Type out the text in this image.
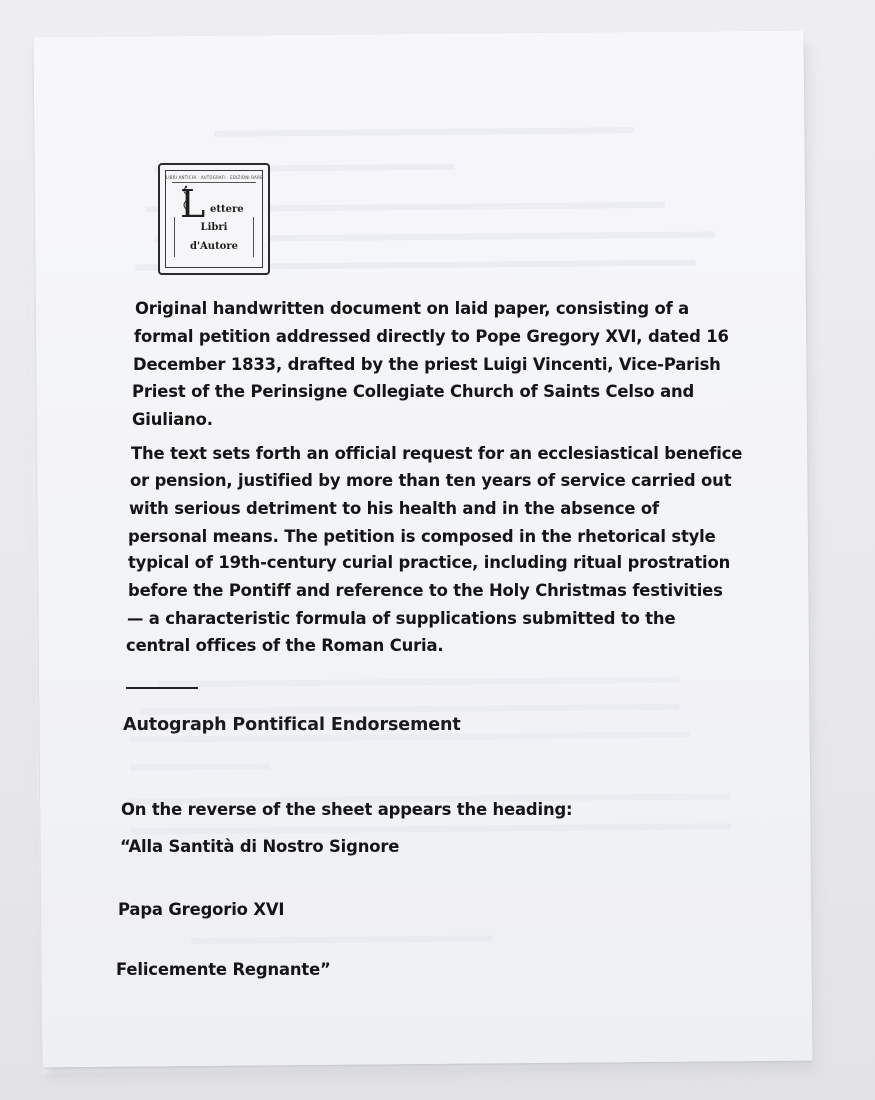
LIBRI ANTICHI · AUTOGRAFI · EDIZIONI RARE
L ettere
Libri
d'Autore
Original handwritten document on laid paper, consisting of a
formal petition addressed directly to Pope Gregory XVI, dated 16
December 1833, drafted by the priest Luigi Vincenti, Vice-Parish
Priest of the Perinsigne Collegiate Church of Saints Celso and
Giuliano.
The text sets forth an official request for an ecclesiastical benefice
or pension, justified by more than ten years of service carried out
with serious detriment to his health and in the absence of
personal means. The petition is composed in the rhetorical style
typical of 19th-century curial practice, including ritual prostration
before the Pontiff and reference to the Holy Christmas festivities
— a characteristic formula of supplications submitted to the
central offices of the Roman Curia.
Autograph Pontifical Endorsement
On the reverse of the sheet appears the heading:
“Alla Santità di Nostro Signore
Papa Gregorio XVI
Felicemente Regnante”
